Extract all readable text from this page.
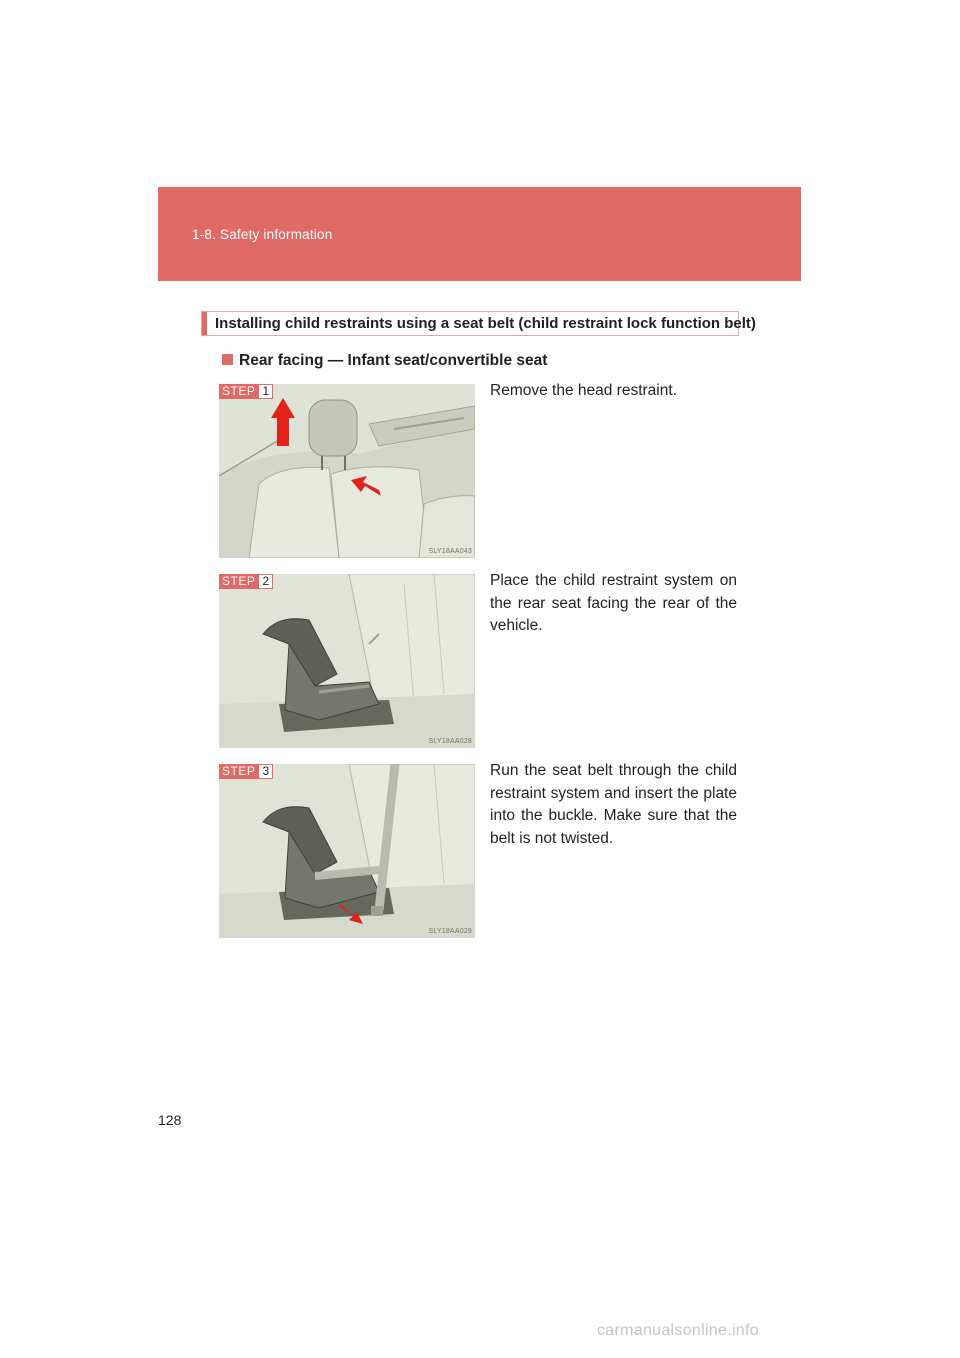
1-8. Safety information
Installing child restraints using a seat belt (child restraint lock function belt)
Rear facing — Infant seat/convertible seat
STEP 1
SLY18AA043
Remove the head restraint.
STEP 2
SLY18AA028
Place the child restraint system on the rear seat facing the rear of the vehicle.
STEP 3
SLY18AA029
Run the seat belt through the child restraint system and insert the plate into the buckle. Make sure that the belt is not twisted.
128
carmanualsonline.info
